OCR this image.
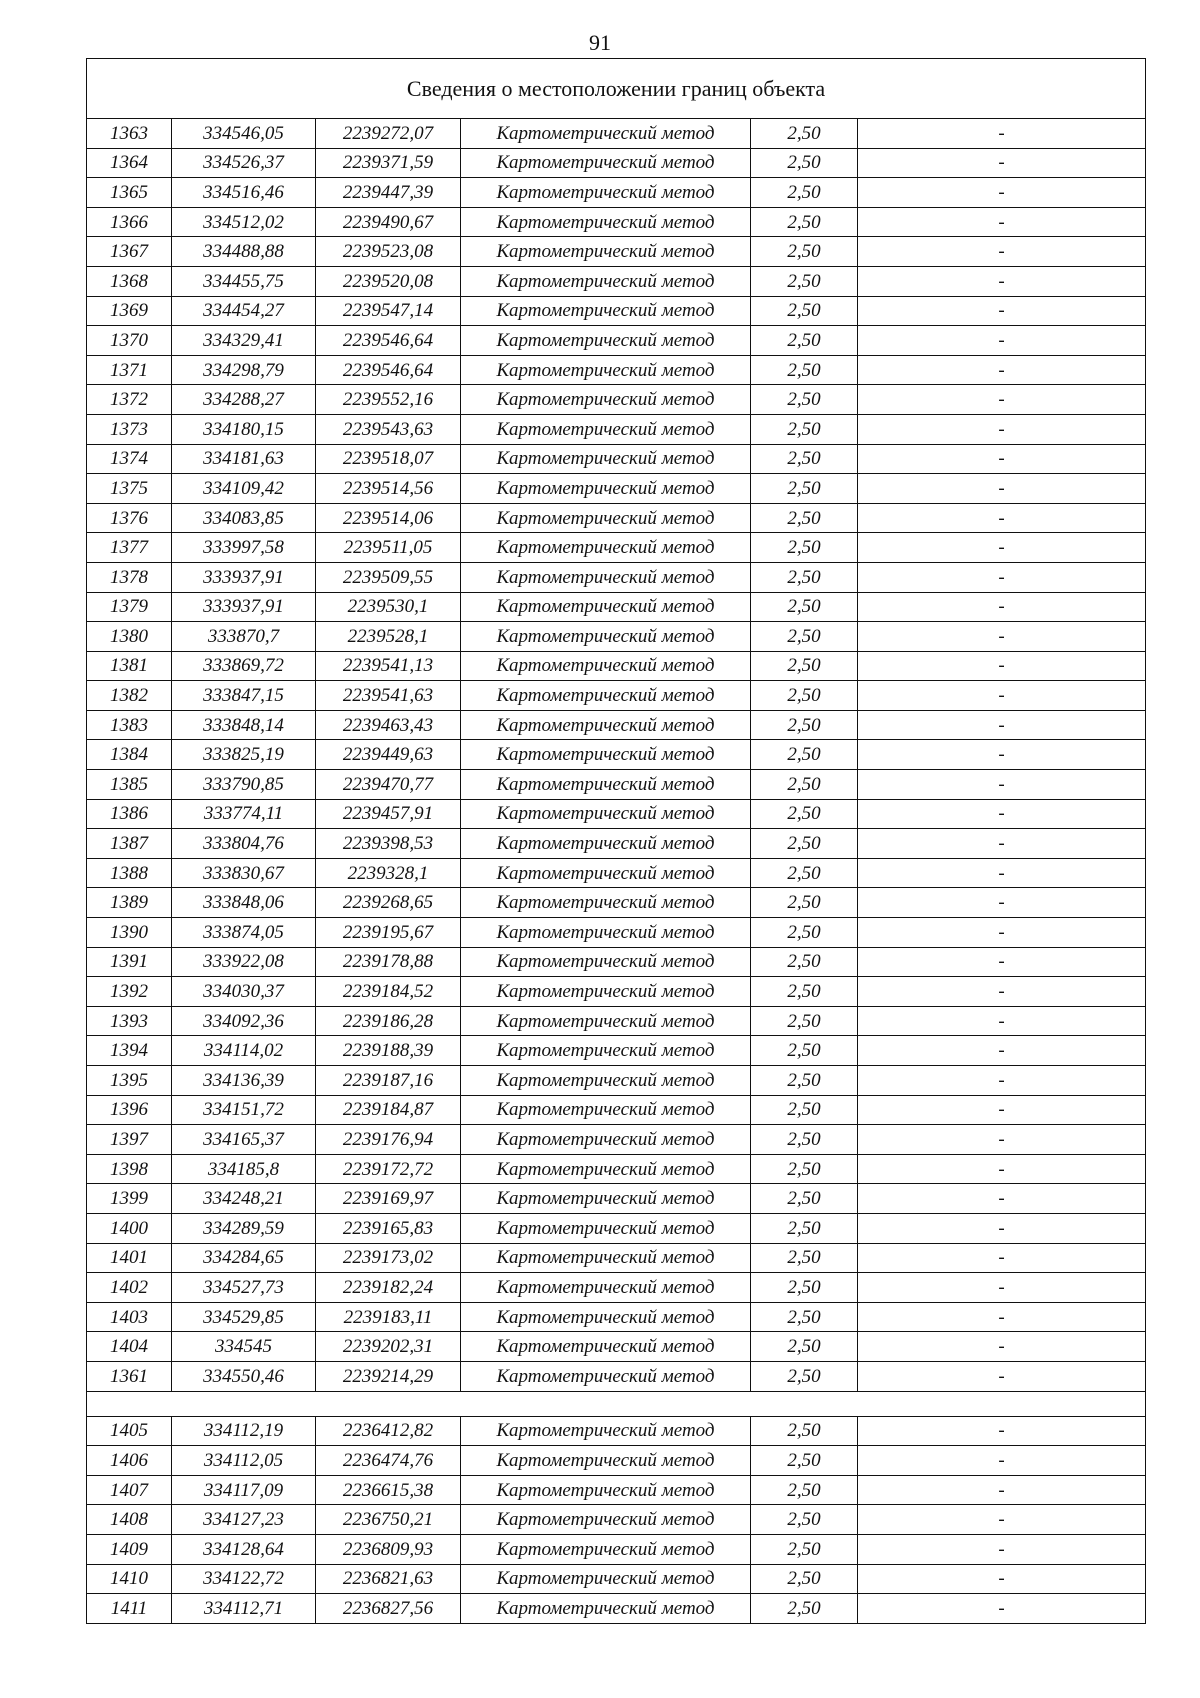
91
Сведения о местоположении границ объекта					
1363	334546,05	2239272,07	Картометрический метод	2,50	-
1364	334526,37	2239371,59	Картометрический метод	2,50	-
1365	334516,46	2239447,39	Картометрический метод	2,50	-
1366	334512,02	2239490,67	Картометрический метод	2,50	-
1367	334488,88	2239523,08	Картометрический метод	2,50	-
1368	334455,75	2239520,08	Картометрический метод	2,50	-
1369	334454,27	2239547,14	Картометрический метод	2,50	-
1370	334329,41	2239546,64	Картометрический метод	2,50	-
1371	334298,79	2239546,64	Картометрический метод	2,50	-
1372	334288,27	2239552,16	Картометрический метод	2,50	-
1373	334180,15	2239543,63	Картометрический метод	2,50	-
1374	334181,63	2239518,07	Картометрический метод	2,50	-
1375	334109,42	2239514,56	Картометрический метод	2,50	-
1376	334083,85	2239514,06	Картометрический метод	2,50	-
1377	333997,58	2239511,05	Картометрический метод	2,50	-
1378	333937,91	2239509,55	Картометрический метод	2,50	-
1379	333937,91	2239530,1	Картометрический метод	2,50	-
1380	333870,7	2239528,1	Картометрический метод	2,50	-
1381	333869,72	2239541,13	Картометрический метод	2,50	-
1382	333847,15	2239541,63	Картометрический метод	2,50	-
1383	333848,14	2239463,43	Картометрический метод	2,50	-
1384	333825,19	2239449,63	Картометрический метод	2,50	-
1385	333790,85	2239470,77	Картометрический метод	2,50	-
1386	333774,11	2239457,91	Картометрический метод	2,50	-
1387	333804,76	2239398,53	Картометрический метод	2,50	-
1388	333830,67	2239328,1	Картометрический метод	2,50	-
1389	333848,06	2239268,65	Картометрический метод	2,50	-
1390	333874,05	2239195,67	Картометрический метод	2,50	-
1391	333922,08	2239178,88	Картометрический метод	2,50	-
1392	334030,37	2239184,52	Картометрический метод	2,50	-
1393	334092,36	2239186,28	Картометрический метод	2,50	-
1394	334114,02	2239188,39	Картометрический метод	2,50	-
1395	334136,39	2239187,16	Картометрический метод	2,50	-
1396	334151,72	2239184,87	Картометрический метод	2,50	-
1397	334165,37	2239176,94	Картометрический метод	2,50	-
1398	334185,8	2239172,72	Картометрический метод	2,50	-
1399	334248,21	2239169,97	Картометрический метод	2,50	-
1400	334289,59	2239165,83	Картометрический метод	2,50	-
1401	334284,65	2239173,02	Картометрический метод	2,50	-
1402	334527,73	2239182,24	Картометрический метод	2,50	-
1403	334529,85	2239183,11	Картометрический метод	2,50	-
1404	334545	2239202,31	Картометрический метод	2,50	-
1361	334550,46	2239214,29	Картометрический метод	2,50	-

1405	334112,19	2236412,82	Картометрический метод	2,50	-
1406	334112,05	2236474,76	Картометрический метод	2,50	-
1407	334117,09	2236615,38	Картометрический метод	2,50	-
1408	334127,23	2236750,21	Картометрический метод	2,50	-
1409	334128,64	2236809,93	Картометрический метод	2,50	-
1410	334122,72	2236821,63	Картометрический метод	2,50	-
1411	334112,71	2236827,56	Картометрический метод	2,50	-
